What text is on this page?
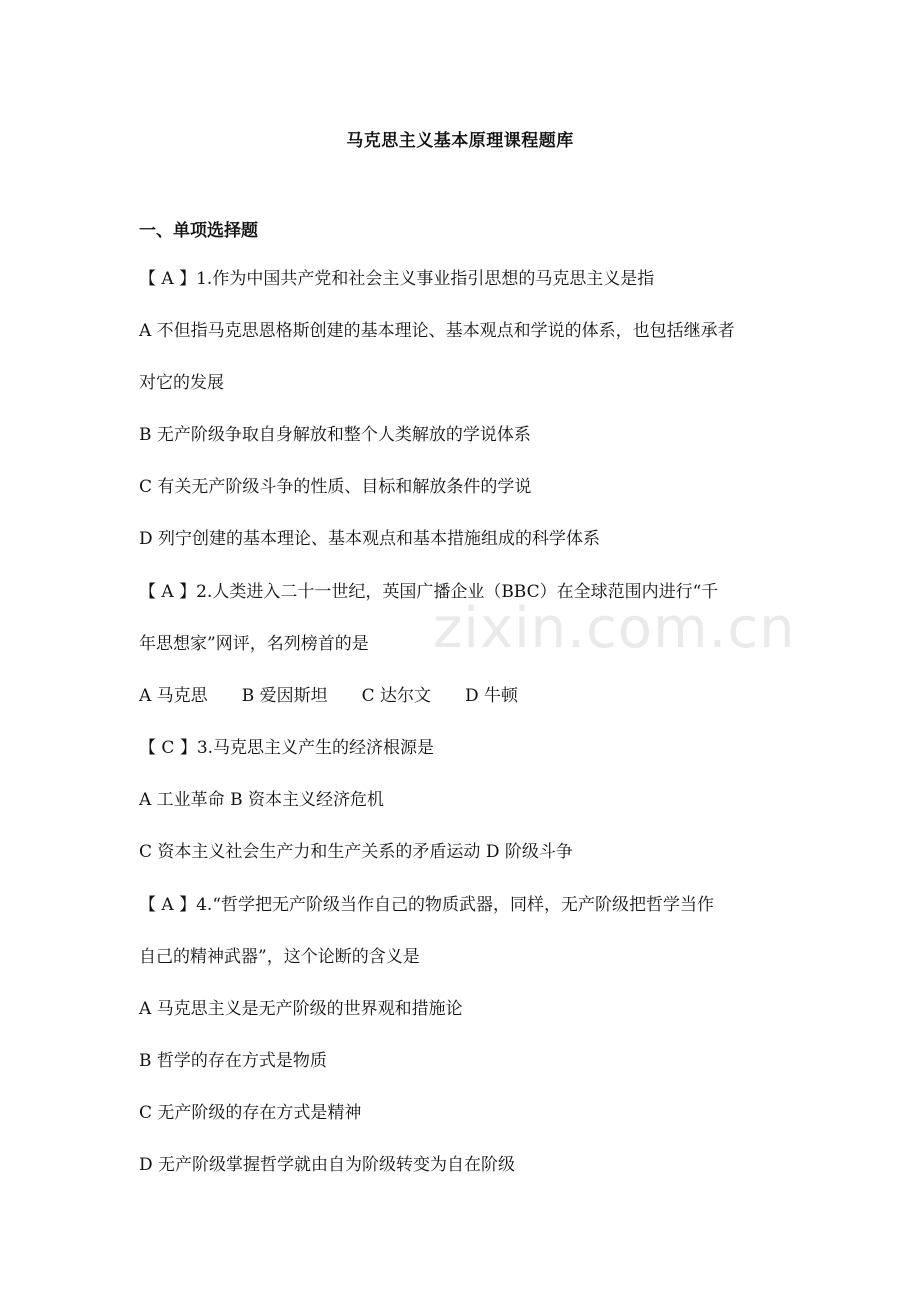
马克思主义基本原理课程题库
一、单项选择题
【 A 】1.作为中国共产党和社会主义事业指引思想的马克思主义是指
A 不但指马克思恩格斯创建的基本理论、基本观点和学说的体系，也包括继承者
对它的发展
B 无产阶级争取自身解放和整个人类解放的学说体系
C 有关无产阶级斗争的性质、目标和解放条件的学说
D 列宁创建的基本理论、基本观点和基本措施组成的科学体系
【 A 】2.人类进入二十一世纪，英国广播企业（BBC）在全球范围内进行“千
年思想家”网评，名列榜首的是
A 马克思 B 爱因斯坦 C 达尔文 D 牛顿
【 C 】3.马克思主义产生的经济根源是
A 工业革命 B 资本主义经济危机
C 资本主义社会生产力和生产关系的矛盾运动 D 阶级斗争
【 A 】4.“哲学把无产阶级当作自己的物质武器，同样，无产阶级把哲学当作
自己的精神武器”，这个论断的含义是
A 马克思主义是无产阶级的世界观和措施论
B 哲学的存在方式是物质
C 无产阶级的存在方式是精神
D 无产阶级掌握哲学就由自为阶级转变为自在阶级
zixin.com.cn
